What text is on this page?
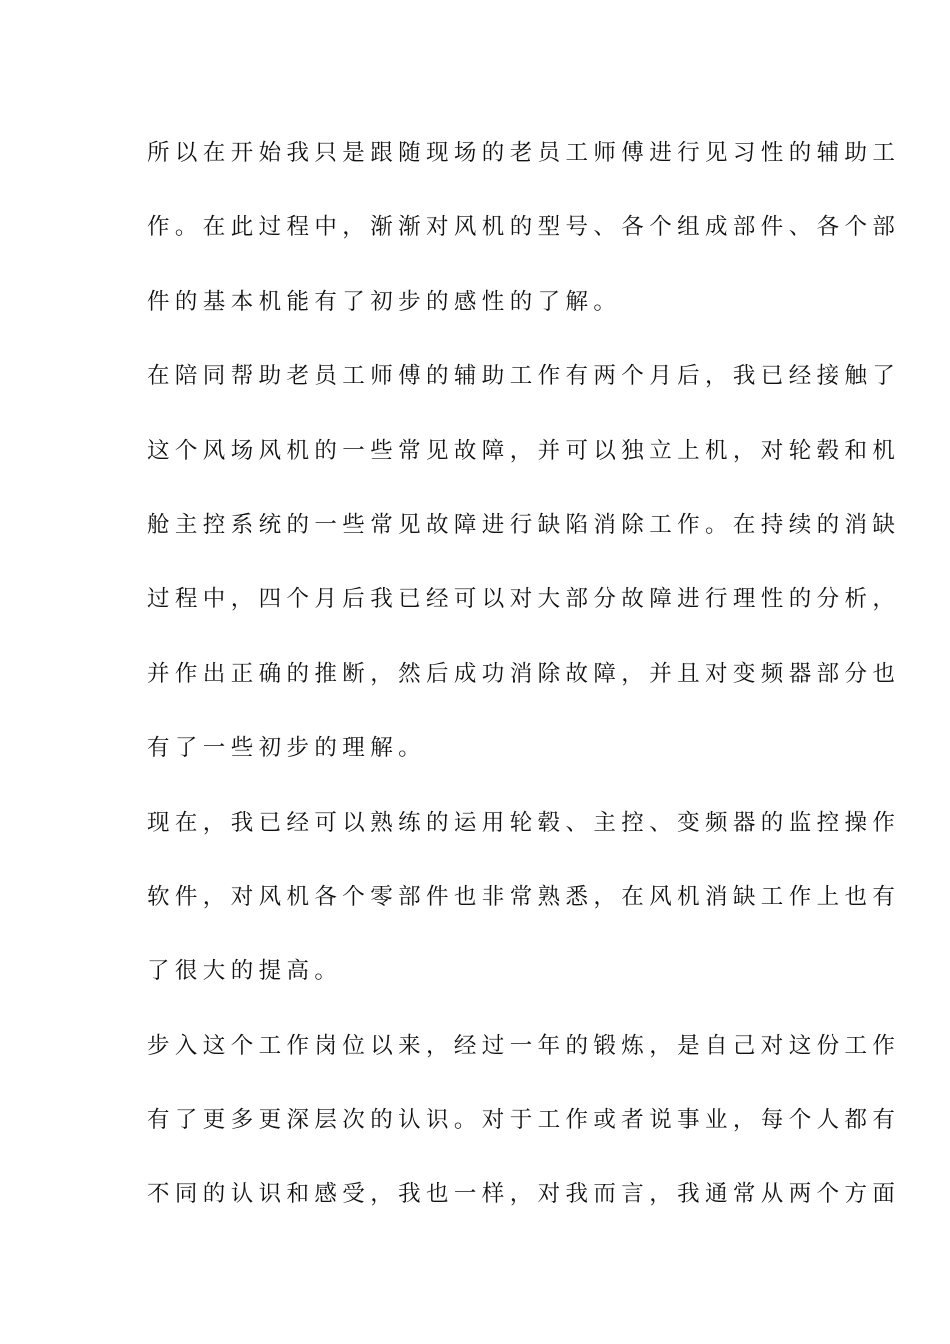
所以在开始我只是跟随现场的老员工师傅进行见习性的辅助工
作。在此过程中，渐渐对风机的型号、各个组成部件、各个部
件的基本机能有了初步的感性的了解。
在陪同帮助老员工师傅的辅助工作有两个月后，我已经接触了
这个风场风机的一些常见故障，并可以独立上机，对轮毂和机
舱主控系统的一些常见故障进行缺陷消除工作。在持续的消缺
过程中，四个月后我已经可以对大部分故障进行理性的分析，
并作出正确的推断，然后成功消除故障，并且对变频器部分也
有了一些初步的理解。
现在，我已经可以熟练的运用轮毂、主控、变频器的监控操作
软件，对风机各个零部件也非常熟悉，在风机消缺工作上也有
了很大的提高。
步入这个工作岗位以来，经过一年的锻炼，是自己对这份工作
有了更多更深层次的认识。对于工作或者说事业，每个人都有
不同的认识和感受，我也一样，对我而言，我通常从两个方面
